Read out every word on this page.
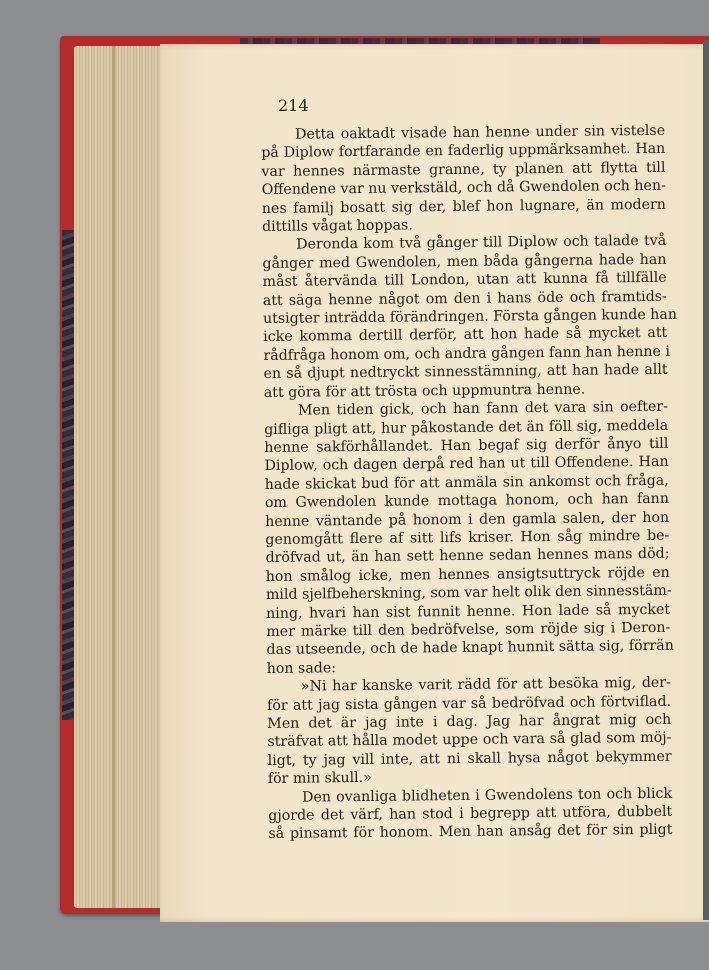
214

Detta oaktadt visade han henne under sin vistelse
på Diplow fortfarande en faderlig uppmärksamhet. Han
var hennes närmaste granne, ty planen att flytta till
Offendene var nu verkstäld, och då Gwendolen och hen-
nes familj bosatt sig der, blef hon lugnare, än modern
dittills vågat hoppas.
Deronda kom två gånger till Diplow och talade två
gånger med Gwendolen, men båda gångerna hade han
måst återvända till London, utan att kunna få tillfälle
att säga henne något om den i hans öde och framtids-
utsigter inträdda förändringen. Första gången kunde han
icke komma dertill derför, att hon hade så mycket att
rådfråga honom om, och andra gången fann han henne i
en så djupt nedtryckt sinnesstämning, att han hade allt
att göra för att trösta och uppmuntra henne.
Men tiden gick, och han fann det vara sin oefter-
gifliga pligt att, hur påkostande det än föll sig, meddela
henne sakförhållandet. Han begaf sig derför ånyo till
Diplow, och dagen derpå red han ut till Offendene. Han
hade skickat bud för att anmäla sin ankomst och fråga,
om Gwendolen kunde mottaga honom, och han fann
henne väntande på honom i den gamla salen, der hon
genomgått flere af sitt lifs kriser. Hon såg mindre be-
dröfvad ut, än han sett henne sedan hennes mans död;
hon smålog icke, men hennes ansigtsuttryck röjde en
mild sjelfbeherskning, som var helt olik den sinnesstäm-
ning, hvari han sist funnit henne. Hon lade så mycket
mer märke till den bedröfvelse, som röjde sig i Deron-
das utseende, och de hade knapt hunnit sätta sig, förrän
hon sade:
»Ni har kanske varit rädd för att besöka mig, der-
för att jag sista gången var så bedröfvad och förtviflad.
Men det är jag inte i dag. Jag har ångrat mig och
sträfvat att hålla modet uppe och vara så glad som möj-
ligt, ty jag vill inte, att ni skall hysa något bekymmer
för min skull.»
Den ovanliga blidheten i Gwendolens ton och blick
gjorde det värf, han stod i begrepp att utföra, dubbelt
så pinsamt för honom. Men han ansåg det för sin pligt
